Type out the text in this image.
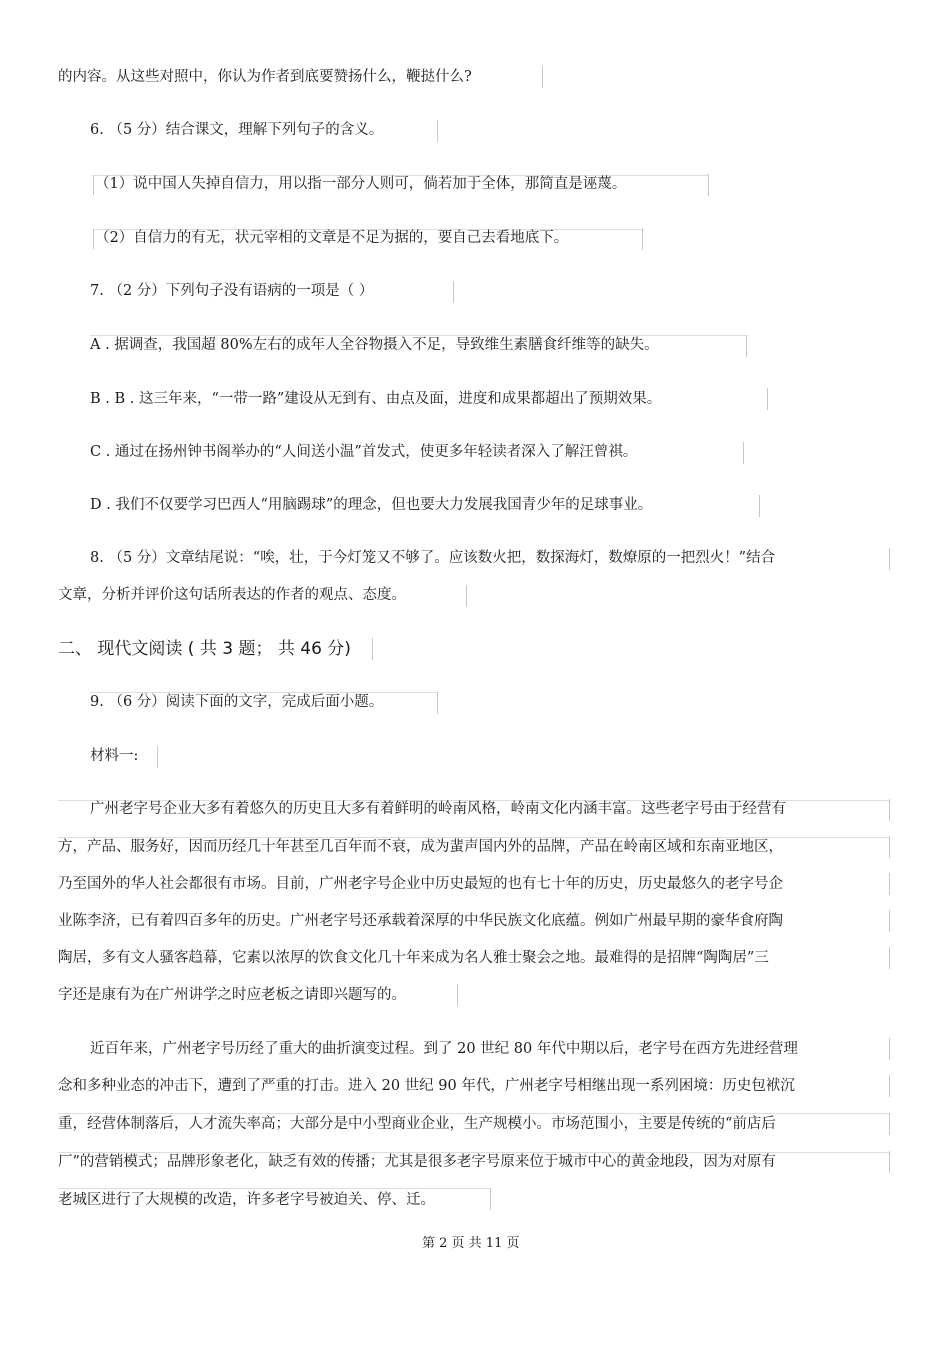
的内容。从这些对照中，你认为作者到底要赞扬什么，鞭挞什么?
6. （5 分）结合课文，理解下列句子的含义。
（1）说中国人失掉自信力，用以指一部分人则可，倘若加于全体，那简直是诬蔑。
（2）自信力的有无，状元宰相的文章是不足为据的，要自己去看地底下。
7. （2 分）下列句子没有语病的一项是（ ）
A . 据调查，我国超 80%左右的成年人全谷物摄入不足，导致维生素膳食纤维等的缺失。
B . B . 这三年来，“一带一路”建设从无到有、由点及面，进度和成果都超出了预期效果。
C . 通过在扬州钟书阁举办的“人间送小温”首发式，使更多年轻读者深入了解汪曾祺。
D . 我们不仅要学习巴西人“用脑踢球”的理念，但也要大力发展我国青少年的足球事业。
8. （5 分）文章结尾说：“唉，壮，于今灯笼又不够了。应该数火把，数探海灯，数燎原的一把烈火！”结合
文章，分析并评价这句话所表达的作者的观点、态度。
二、 现代文阅读 ( 共 3 题； 共 46 分)
9. （6 分）阅读下面的文字，完成后面小题。
材料一:
广州老字号企业大多有着悠久的历史且大多有着鲜明的岭南风格，岭南文化内涵丰富。这些老字号由于经营有
方，产品、服务好，因而历经几十年甚至几百年而不衰，成为蜚声国内外的品牌，产品在岭南区域和东南亚地区，
乃至国外的华人社会都很有市场。目前，广州老字号企业中历史最短的也有七十年的历史，历史最悠久的老字号企
业陈李济，已有着四百多年的历史。广州老字号还承载着深厚的中华民族文化底蕴。例如广州最早期的豪华食府陶
陶居，多有文人骚客趋幕，它素以浓厚的饮食文化几十年来成为名人雅士聚会之地。最难得的是招牌“陶陶居”三
字还是康有为在广州讲学之时应老板之请即兴题写的。
近百年来，广州老字号历经了重大的曲折演变过程。到了 20 世纪 80 年代中期以后，老字号在西方先进经营理
念和多种业态的冲击下，遭到了严重的打击。进入 20 世纪 90 年代，广州老字号相继出现一系列困境：历史包袱沉
重，经营体制落后，人才流失率高；大部分是中小型商业企业，生产规模小。市场范围小，主要是传统的“前店后
厂”的营销模式；品牌形象老化，缺乏有效的传播；尤其是很多老字号原来位于城市中心的黄金地段，因为对原有
老城区进行了大规模的改造，许多老字号被迫关、停、迁。
第 2 页 共 11 页
